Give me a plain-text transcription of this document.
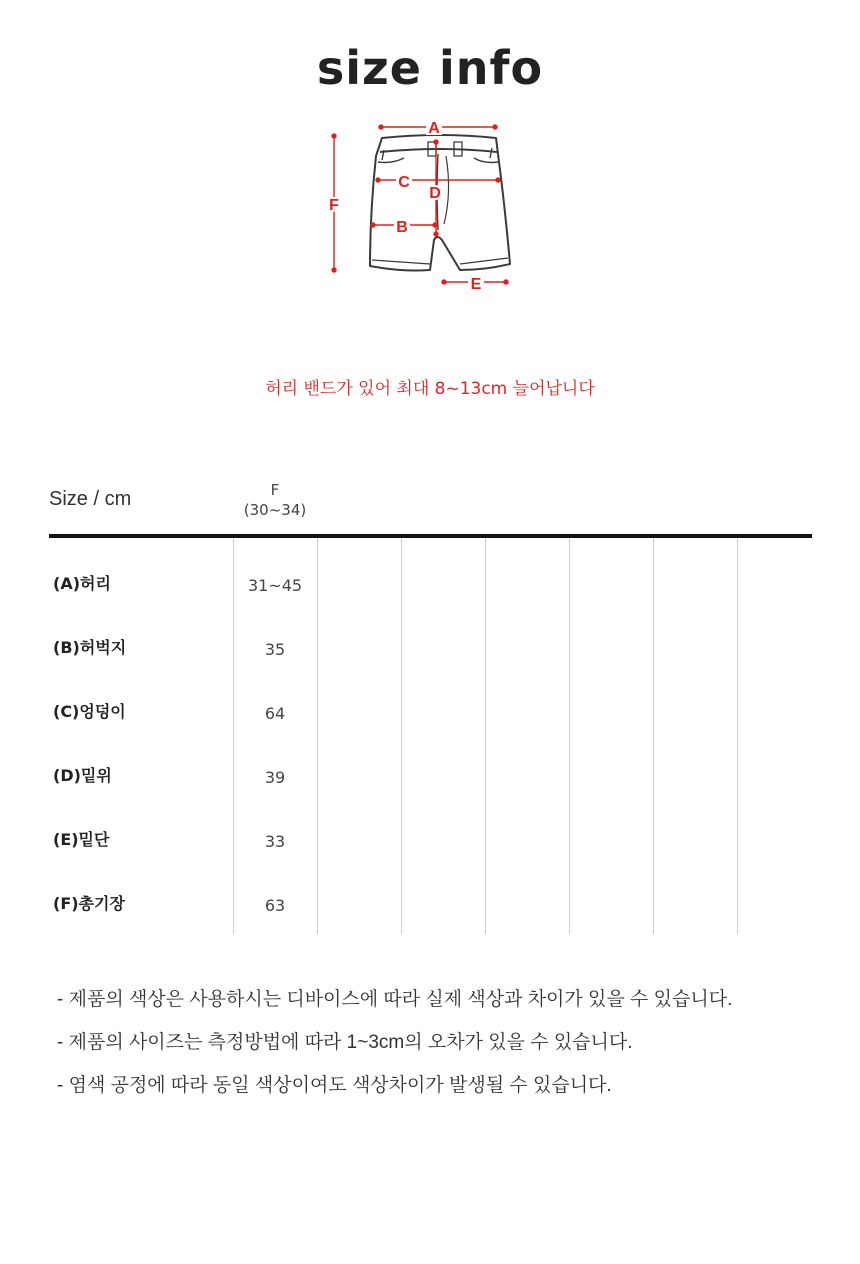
size info
A
F
C
D
B
E
허리 밴드가 있어 최대 8~13cm 늘어납니다
Size / cm	F
(30~34)
(A)허리	31~45
(B)허벅지	35
(C)엉덩이	64
(D)밑위	39
(E)밑단	33
(F)총기장	63
- 제품의 색상은 사용하시는 디바이스에 따라 실제 색상과 차이가 있을 수 있습니다.
- 제품의 사이즈는 측정방법에 따라 1~3cm의 오차가 있을 수 있습니다.
- 염색 공정에 따라 동일 색상이여도 색상차이가 발생될 수 있습니다.
